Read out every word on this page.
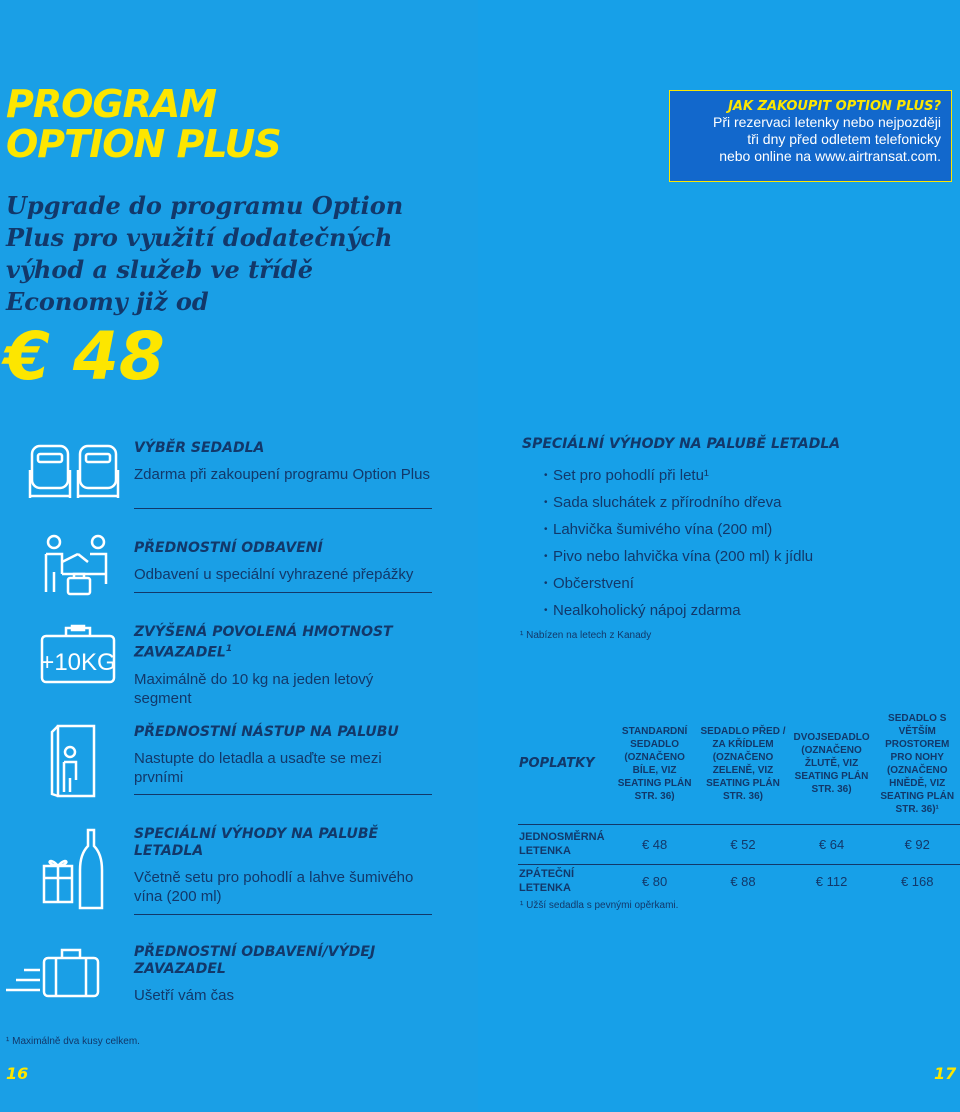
PROGRAM
OPTION PLUS
Upgrade do programu Option Plus pro využití dodatečných výhod a služeb ve třídě Economy již od
€ 48
VÝBĚR SEDADLA
Zdarma při zakoupení programu Option Plus
PŘEDNOSTNÍ ODBAVENÍ
Odbavení u speciální vyhrazené přepážky
+10KG
ZVÝŠENÁ POVOLENÁ HMOTNOST ZAVAZADEL$^1$
Maximálně do 10 kg na jeden letový segment
PŘEDNOSTNÍ NÁSTUP NA PALUBU
Nastupte do letadla a usaďte se mezi prvními
SPECIÁLNÍ VÝHODY NA PALUBĚ LETADLA
Včetně setu pro pohodlí a lahve šumivého vína (200 ml)
PŘEDNOSTNÍ ODBAVENÍ/VÝDEJ ZAVAZADEL
Ušetří vám čas
¹ Maximálně dva kusy celkem.
16
JAK ZAKOUPIT OPTION PLUS?
Při rezervaci letenky nebo nejpozději
tři dny před odletem telefonicky
nebo online na www.airtransat.com.
SPECIÁLNÍ VÝHODY NA PALUBĚ LETADLA
• Set pro pohodlí při letu¹
• Sada sluchátek z přírodního dřeva
• Lahvička šumivého vína (200 ml)
• Pivo nebo lahvička vína (200 ml) k jídlu
• Občerstvení
• Nealkoholický nápoj zdarma
¹ Nabízen na letech z Kanady
POPLATKY	STANDARDNÍ SEDADLO (OZNAČENO BÍLE, VIZ SEATING PLÁN STR. 36)	SEDADLO PŘED / ZA KŘÍDLEM (OZNAČENO ZELENĚ, VIZ SEATING PLÁN STR. 36)	DVOJSEDADLO (OZNAČENO ŽLUTĚ, VIZ SEATING PLÁN STR. 36)	SEDADLO S VĚTŠÍM PROSTOREM PRO NOHY (OZNAČENO HNĚDĚ, VIZ SEATING PLÁN STR. 36)¹
JEDNOSMĚRNÁ LETENKA	€ 48	€ 52	€ 64	€ 92
ZPÁTEČNÍ LETENKA	€ 80	€ 88	€ 112	€ 168
¹ Užší sedadla s pevnými opěrkami.
17
